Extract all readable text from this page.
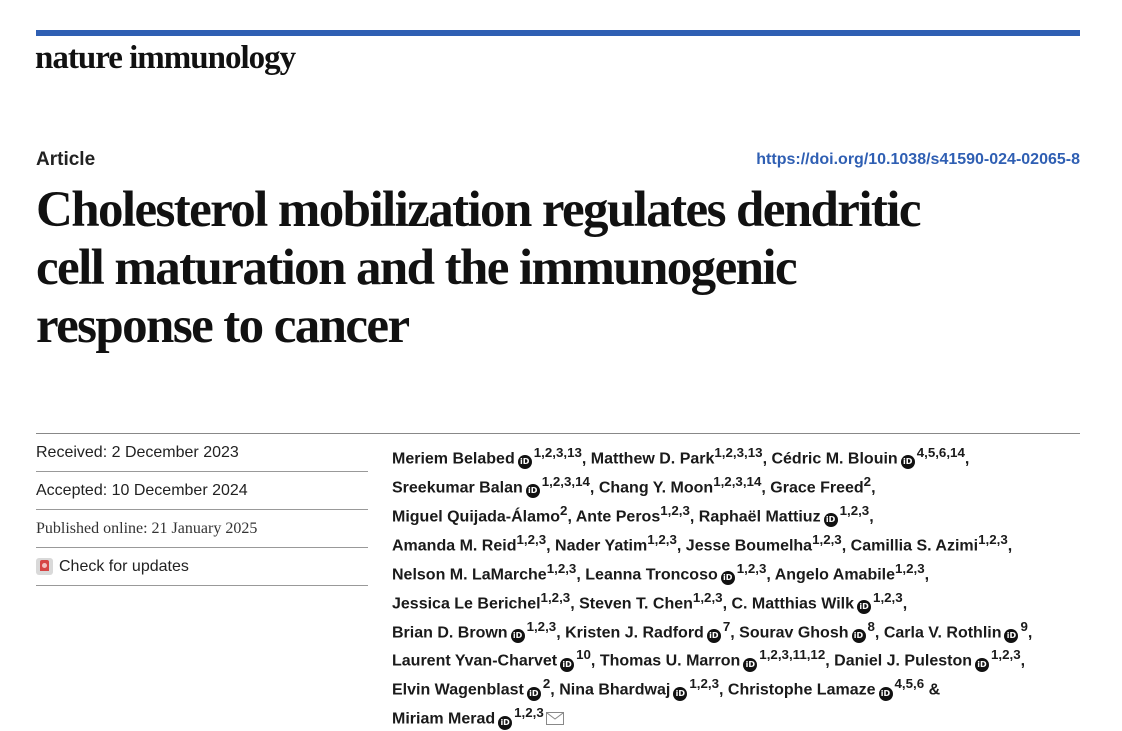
nature immunology
Article	https://doi.org/10.1038/s41590-024-02065-8
Cholesterol mobilization regulates dendritic
cell maturation and the immunogenic
response to cancer
Received: 2 December 2023
Accepted: 10 December 2024
Published online: 21 January 2025
Check for updates
Meriem Belabed iD$^{1,2,3,13}$, Matthew D. Park$^{1,2,3,13}$, Cédric M. Blouin iD$^{4,5,6,14}$,
Sreekumar Balan iD$^{1,2,3,14}$, Chang Y. Moon$^{1,2,3,14}$, Grace Freed$^2$,
Miguel Quijada-Álamo$^2$, Ante Peros$^{1,2,3}$, Raphaël Mattiuz iD$^{1,2,3}$,
Amanda M. Reid$^{1,2,3}$, Nader Yatim$^{1,2,3}$, Jesse Boumelha$^{1,2,3}$, Camillia S. Azimi$^{1,2,3}$,
Nelson M. LaMarche$^{1,2,3}$, Leanna Troncoso iD$^{1,2,3}$, Angelo Amabile$^{1,2,3}$,
Jessica Le Berichel$^{1,2,3}$, Steven T. Chen$^{1,2,3}$, C. Matthias Wilk iD$^{1,2,3}$,
Brian D. Brown iD$^{1,2,3}$, Kristen J. Radford $iD^7$, Sourav Ghosh $iD^8$, Carla V. Rothlin $iD^9$,
Laurent Yvan-Charvet $iD^{10}$, Thomas U. Marron iD$^{1,2,3,11,12}$, Daniel J. Puleston iD$^{1,2,3}$,
Elvin Wagenblast $iD^2$, Nina Bhardwaj iD$^{1,2,3}$, Christophe Lamaze iD$^{4,5,6}$ &
Miriam Merad iD$^{1,2,3}$
